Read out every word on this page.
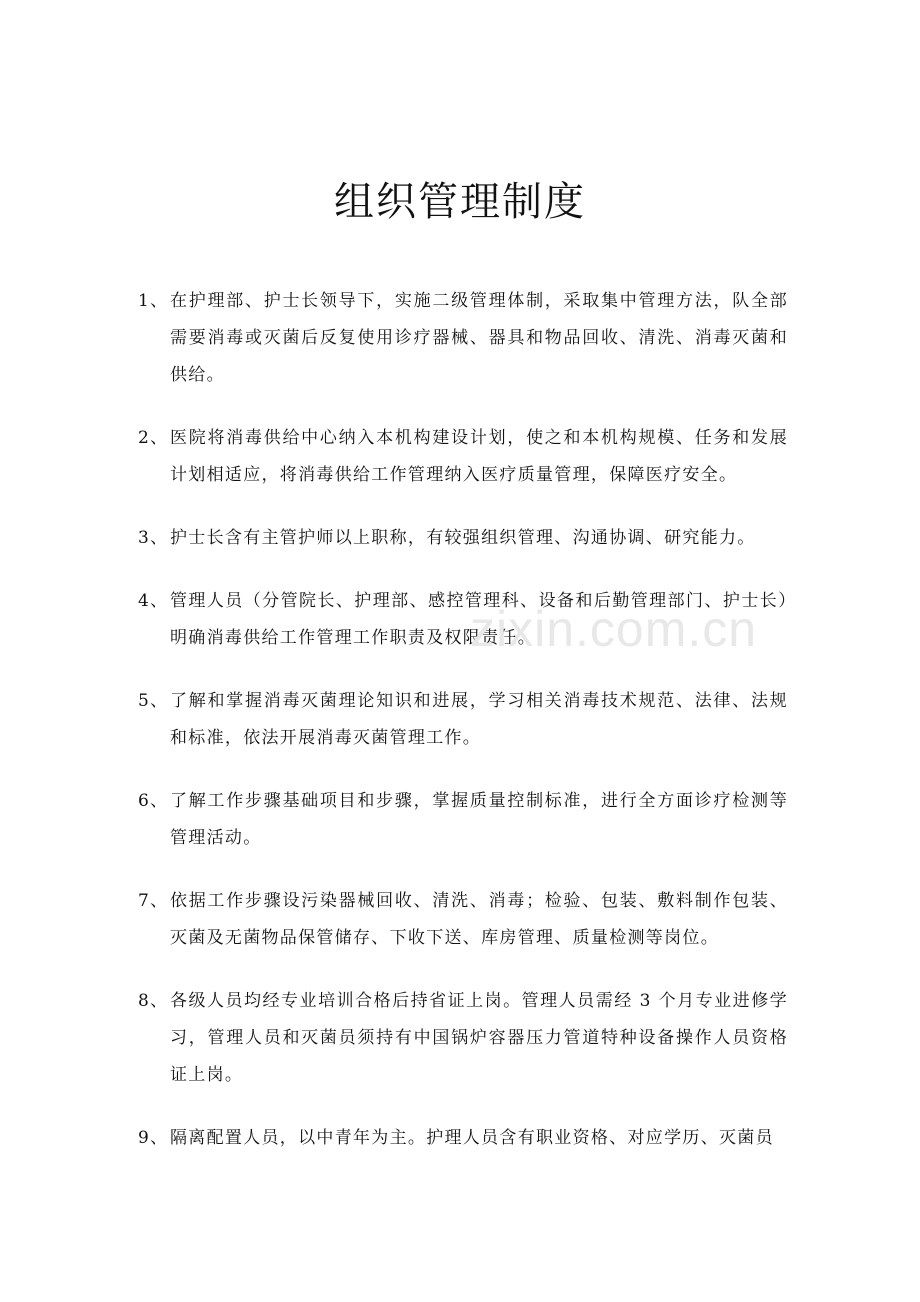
组织管理制度
1、 在护理部、护士长领导下，实施二级管理体制，采取集中管理方法，队全部需要消毒或灭菌后反复使用诊疗器械、器具和物品回收、清洗、消毒灭菌和供给。
2、 医院将消毒供给中心纳入本机构建设计划，使之和本机构规模、任务和发展计划相适应，将消毒供给工作管理纳入医疗质量管理，保障医疗安全。
3、 护士长含有主管护师以上职称，有较强组织管理、沟通协调、研究能力。
4、 管理人员（分管院长、护理部、感控管理科、设备和后勤管理部门、护士长）明确消毒供给工作管理工作职责及权限责任。
5、 了解和掌握消毒灭菌理论知识和进展，学习相关消毒技术规范、法律、法规和标准，依法开展消毒灭菌管理工作。
6、 了解工作步骤基础项目和步骤，掌握质量控制标准，进行全方面诊疗检测等管理活动。
7、 依据工作步骤设污染器械回收、清洗、消毒；检验、包装、敷料制作包装、灭菌及无菌物品保管储存、下收下送、库房管理、质量检测等岗位。
8、 各级人员均经专业培训合格后持省证上岗。管理人员需经 3 个月专业进修学习，管理人员和灭菌员须持有中国锅炉容器压力管道特种设备操作人员资格证上岗。
9、 隔离配置人员，以中青年为主。护理人员含有职业资格、对应学历、灭菌员
zixin.com.cn
